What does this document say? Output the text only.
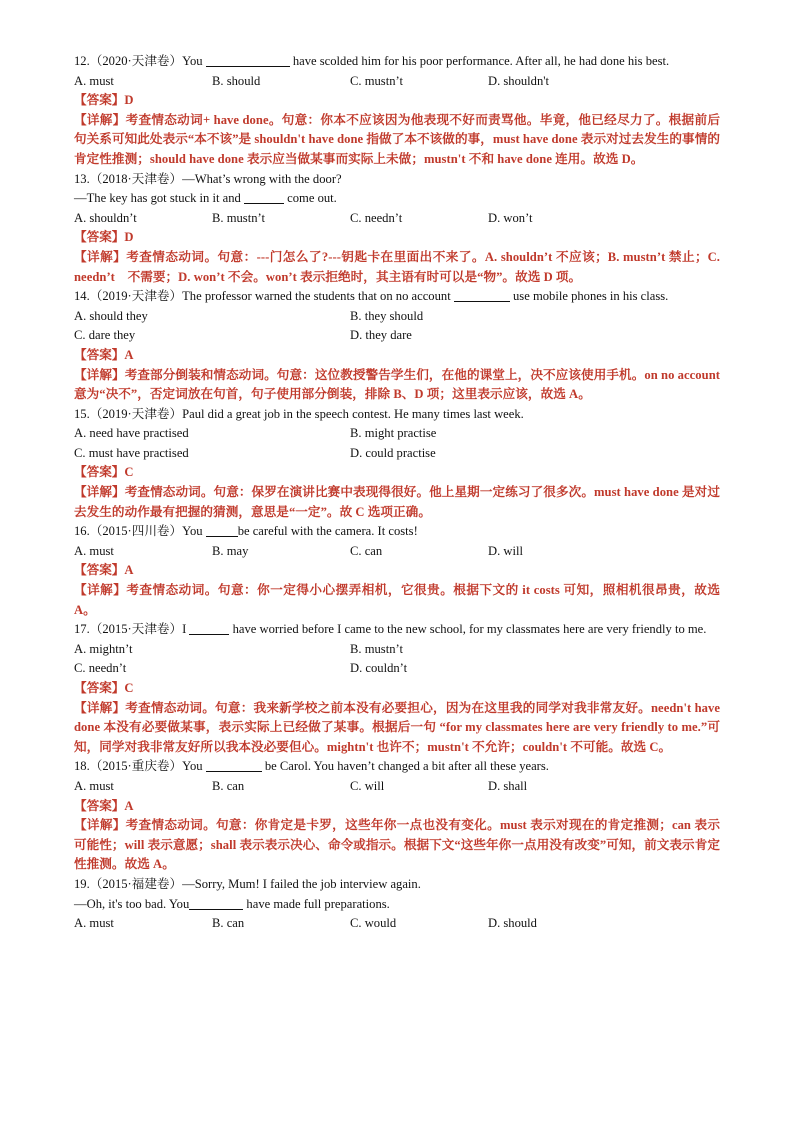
12.（2020·天津卷）You	have scolded him for his poor performance. After all, he had done his best.
A. must	B. should	C. mustn’t	D. shouldn't
【答案】D
【详解】考查情态动词+ have done。句意：你本不应该因为他表现不好而责骂他。毕竟，他已经尽力了。根据前后句关系可知此处表示“本不该”是 shouldn't have done 指做了本不该做的事，must have done 表示对过去发生的事情的肯定性推测；should have done 表示应当做某事而实际上未做；mustn't 不和 have done 连用。故选 D。
13.（2018·天津卷）—What’s wrong with the door?
—The key has got stuck in it and	come out.
A. shouldn’t	B. mustn’t	C. needn’t	D. won’t
【答案】D
【详解】考查情态动词。句意：---门怎么了?---钥匙卡在里面出不来了。A. shouldn’t 不应该；B. mustn’t 禁止；C. needn’t　不需要；D. won’t 不会。won’t 表示拒绝时，其主语有时可以是“物”。故选 D 项。
14.（2019·天津卷）The professor warned the students that on no account	use mobile phones in his class.
A. should they	B. they should
C. dare they	D. they dare
【答案】A
【详解】考查部分倒装和情态动词。句意：这位教授警告学生们，在他的课堂上，决不应该使用手机。on no account 意为“决不”，否定词放在句首，句子使用部分倒装，排除 B、D 项；这里表示应该，故选 A。
15.（2019·天津卷）Paul did a great job in the speech contest. He many times last week.
A. need have practised	B. might practise
C. must have practised	D. could practise
【答案】C
【详解】考查情态动词。句意：保罗在演讲比赛中表现得很好。他上星期一定练习了很多次。must have done 是对过去发生的动作最有把握的猜测，意思是“一定”。故 C 选项正确。
16.（2015·四川卷）You	be careful with the camera. It costs!
A. must	B. may	C. can	D. will
【答案】A
【详解】考查情态动词。句意：你一定得小心摆弄相机，它很贵。根据下文的 it costs 可知，照相机很昂贵，故选 A。
17.（2015·天津卷）I	have worried before I came to the new school, for my classmates here are very friendly to me.
A. mightn’t	B. mustn’t
C. needn’t	D. couldn’t
【答案】C
【详解】考查情态动词。句意：我来新学校之前本没有必要担心，因为在这里我的同学对我非常友好。needn't have done 本没有必要做某事，表示实际上已经做了某事。根据后一句 “for my classmates here are very friendly to me.”可知，同学对我非常友好所以我本没必要但心。mightn't 也许不；mustn't 不允许；couldn't 不可能。故选 C。
18.（2015·重庆卷）You	be Carol. You haven’t changed a bit after all these years.
A. must	B. can	C. will	D. shall
【答案】A
【详解】考查情态动词。句意：你肯定是卡罗，这些年你一点也没有变化。must 表示对现在的肯定推测；can 表示可能性；will 表示意愿；shall 表示表示决心、命令或指示。根据下文“这些年你一点用没有改变”可知，前文表示肯定性推测。故选 A。
19.（2015·福建卷）—Sorry, Mum! I failed the job interview again.
—Oh, it's too bad. You	have made full preparations.
A. must	B. can	C. would	D. should
